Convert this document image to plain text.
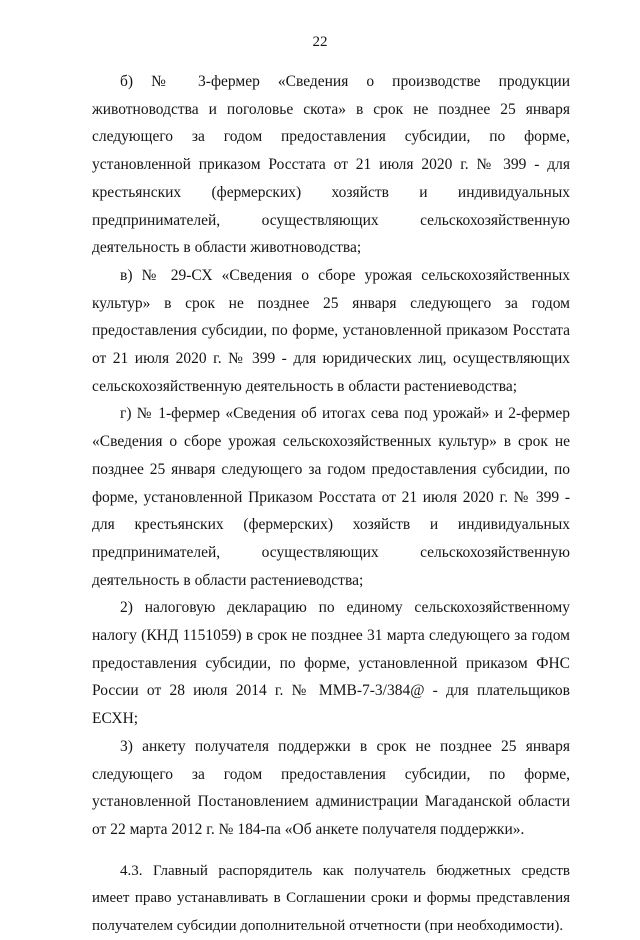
22

б) № 3-фермер «Сведения о производстве продукции животноводства и поголовье скота» в срок не позднее 25 января следующего за годом предоставления субсидии, по форме, установленной приказом Росстата от 21 июля 2020 г. № 399 - для крестьянских (фермерских) хозяйств и индивидуальных предпринимателей, осуществляющих сельскохозяйственную деятельность в области животноводства;

в) № 29-СХ «Сведения о сборе урожая сельскохозяйственных культур» в срок не позднее 25 января следующего за годом предоставления субсидии, по форме, установленной приказом Росстата от 21 июля 2020 г. № 399 - для юридических лиц, осуществляющих сельскохозяйственную деятельность в области растениеводства;

г) № 1-фермер «Сведения об итогах сева под урожай» и 2-фермер «Сведения о сборе урожая сельскохозяйственных культур» в срок не позднее 25 января следующего за годом предоставления субсидии, по форме, установленной Приказом Росстата от 21 июля 2020 г. № 399 - для крестьянских (фермерских) хозяйств и индивидуальных предпринимателей, осуществляющих сельскохозяйственную деятельность в области растениеводства;

2) налоговую декларацию по единому сельскохозяйственному налогу (КНД 1151059) в срок не позднее 31 марта следующего за годом предоставления субсидии, по форме, установленной приказом ФНС России от 28 июля 2014 г. № ММВ-7-3/384@ - для плательщиков ЕСХН;

3) анкету получателя поддержки в срок не позднее 25 января следующего за годом предоставления субсидии, по форме, установленной Постановлением администрации Магаданской области от 22 марта 2012 г. № 184-па «Об анкете получателя поддержки».

4.3. Главный распорядитель как получатель бюджетных средств имеет право устанавливать в Соглашении сроки и формы представления получателем субсидии дополнительной отчетности (при необходимости).
